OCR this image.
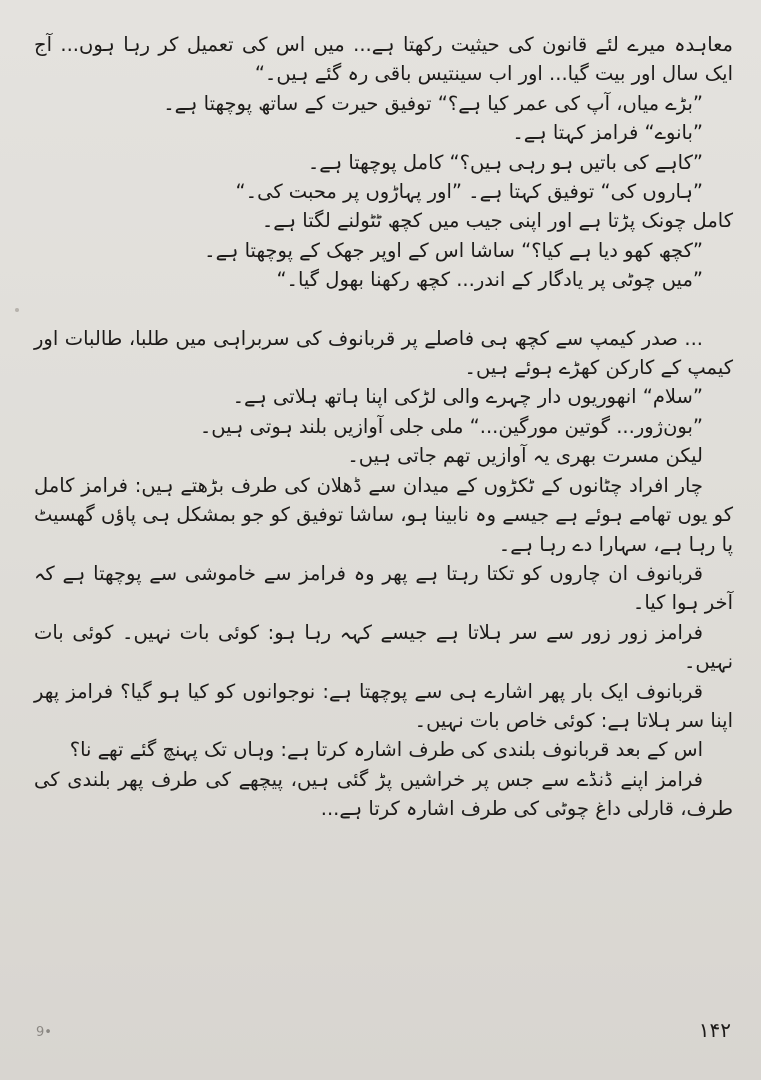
معاہدہ میرے لئے قانون کی حیثیت رکھتا ہے... میں اس کی تعمیل کر رہا ہوں... آج ایک سال اور بیت گیا... اور اب سینتیس باقی رہ گئے ہیں۔“

”بڑے میاں، آپ کی عمر کیا ہے؟“ توفیق حیرت کے ساتھ پوچھتا ہے۔

”بانوے“ فرامز کہتا ہے۔

”کاہے کی باتیں ہو رہی ہیں؟“ کامل پوچھتا ہے۔

”ہاروں کی“ توفیق کہتا ہے۔ ”اور پہاڑوں پر محبت کی۔“

کامل چونک پڑتا ہے اور اپنی جیب میں کچھ ٹٹولنے لگتا ہے۔

”کچھ کھو دیا ہے کیا؟“ ساشا اس کے اوپر جھک کے پوچھتا ہے۔

”میں چوٹی پر یادگار کے اندر... کچھ رکھنا بھول گیا۔“

... صدر کیمپ سے کچھ ہی فاصلے پر قربانوف کی سربراہی میں طلبا، طالبات اور کیمپ کے کارکن کھڑے ہوئے ہیں۔

”سلام“ انھوریوں دار چہرے والی لڑکی اپنا ہاتھ ہلاتی ہے۔

”بون‌ژور... گوتین مورگین...“ ملی جلی آوازیں بلند ہوتی ہیں۔

لیکن مسرت بھری یہ آوازیں تھم جاتی ہیں۔

چار افراد چٹانوں کے ٹکڑوں کے میدان سے ڈھلان کی طرف بڑھتے ہیں: فرامز کامل کو یوں تھامے ہوئے ہے جیسے وہ نابینا ہو، ساشا توفیق کو جو بمشکل ہی پاؤں گھسیٹ پا رہا ہے، سہارا دے رہا ہے۔

قربانوف ان چاروں کو تکتا رہتا ہے پھر وہ فرامز سے خاموشی سے پوچھتا ہے کہ آخر ہوا کیا۔

فرامز زور زور سے سر ہلاتا ہے جیسے کہہ رہا ہو: کوئی بات نہیں۔ کوئی بات نہیں۔

قربانوف ایک بار پھر اشارے ہی سے پوچھتا ہے: نوجوانوں کو کیا ہو گیا؟ فرامز پھر اپنا سر ہلاتا ہے: کوئی خاص بات نہیں۔

اس کے بعد قربانوف بلندی کی طرف اشارہ کرتا ہے: وہاں تک پہنچ گئے تھے نا؟

فرامز اپنے ڈنڈے سے جس پر خراشیں پڑ گئی ہیں، پیچھے کی طرف پھر بلندی کی طرف، قارلی داغ چوٹی کی طرف اشارہ کرتا ہے...

9•	۱۴۲
